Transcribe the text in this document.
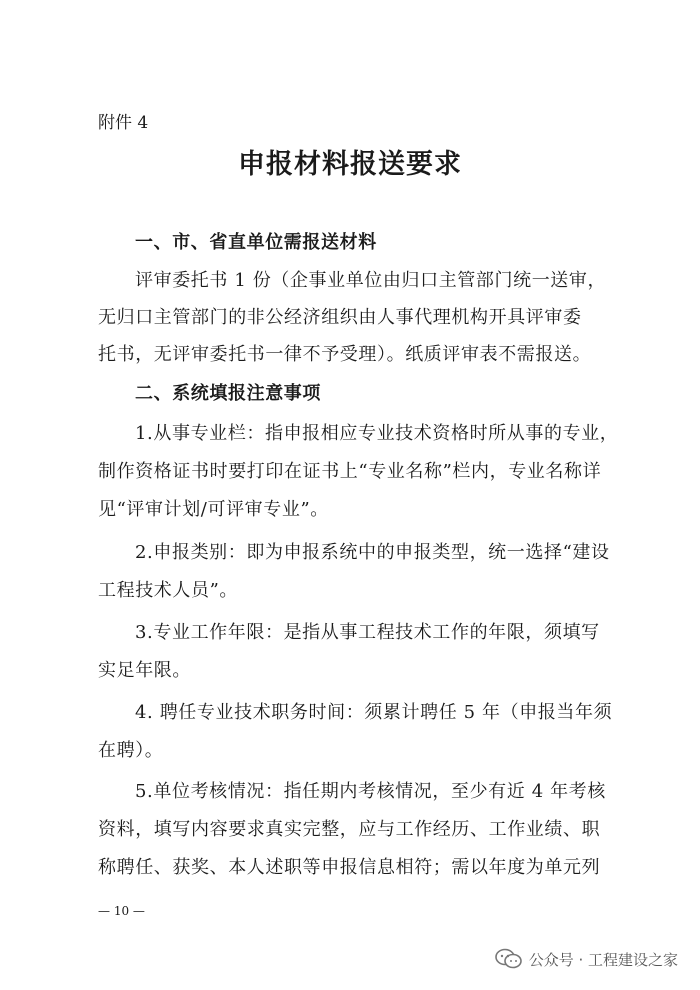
附件 4
申报材料报送要求
一、市、省直单位需报送材料
评审委托书 1 份（企事业单位由归口主管部门统一送审，
无归口主管部门的非公经济组织由人事代理机构开具评审委
托书，无评审委托书一律不予受理）。纸质评审表不需报送。
二、系统填报注意事项
1.从事专业栏：指申报相应专业技术资格时所从事的专业，
制作资格证书时要打印在证书上“专业名称”栏内，专业名称详
见“评审计划/可评审专业”。
2.申报类别：即为申报系统中的申报类型，统一选择“建设
工程技术人员”。
3.专业工作年限：是指从事工程技术工作的年限，须填写
实足年限。
4. 聘任专业技术职务时间：须累计聘任 5 年（申报当年须
在聘）。
5.单位考核情况：指任期内考核情况，至少有近 4 年考核
资料，填写内容要求真实完整，应与工作经历、工作业绩、职
称聘任、获奖、本人述职等申报信息相符；需以年度为单元列
— 10 —
公众号 · 工程建设之家
